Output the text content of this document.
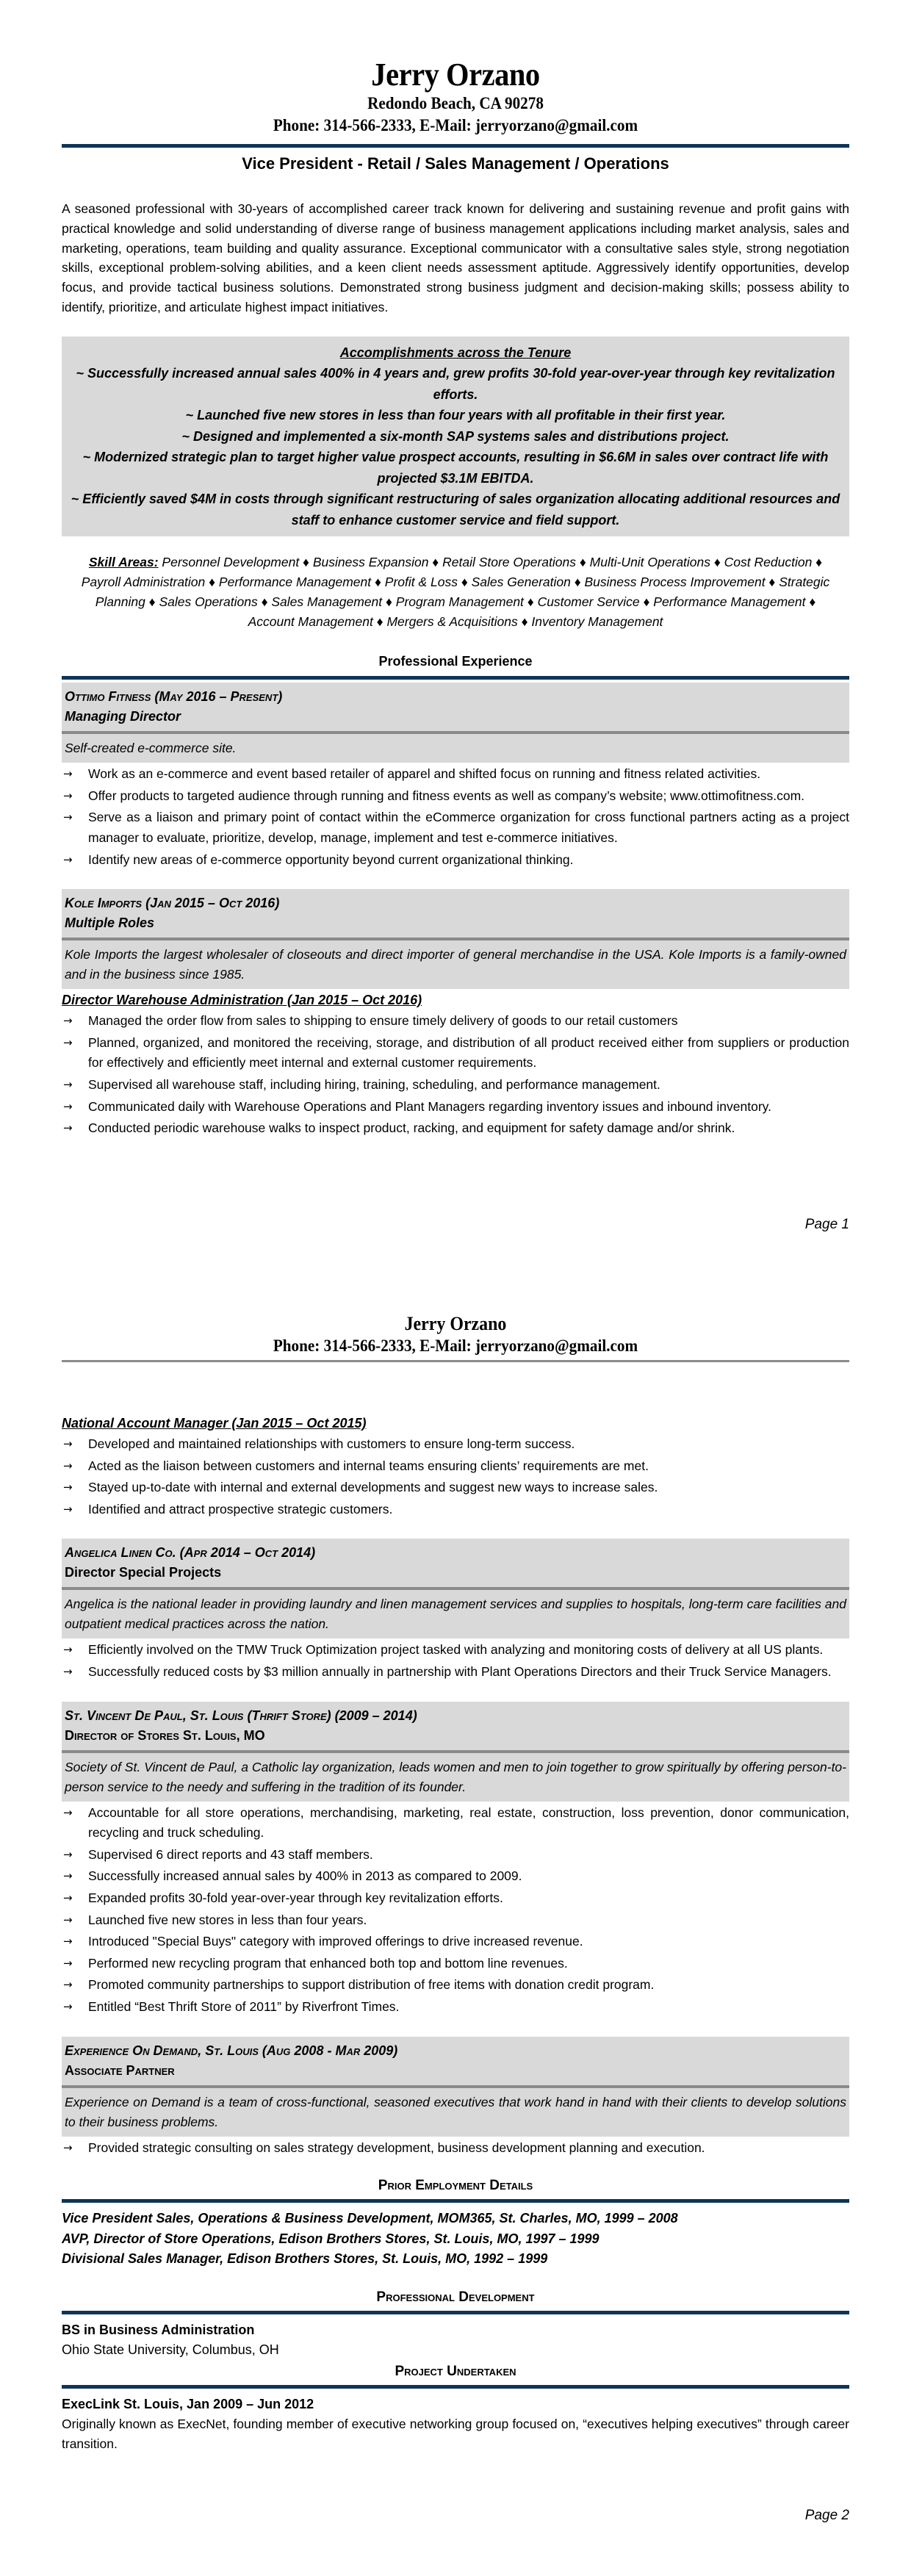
Jerry Orzano
Redondo Beach, CA 90278
Phone: 314-566-2333, E-Mail: jerryorzano@gmail.com
Vice President - Retail / Sales Management / Operations
A seasoned professional with 30-years of accomplished career track known for delivering and sustaining revenue and profit gains with practical knowledge and solid understanding of diverse range of business management applications including market analysis, sales and marketing, operations, team building and quality assurance. Exceptional communicator with a consultative sales style, strong negotiation skills, exceptional problem-solving abilities, and a keen client needs assessment aptitude. Aggressively identify opportunities, develop focus, and provide tactical business solutions. Demonstrated strong business judgment and decision-making skills; possess ability to identify, prioritize, and articulate highest impact initiatives.
Accomplishments across the Tenure
~ Successfully increased annual sales 400% in 4 years and, grew profits 30-fold year-over-year through key revitalization efforts.
~ Launched five new stores in less than four years with all profitable in their first year.
~ Designed and implemented a six-month SAP systems sales and distributions project.
~ Modernized strategic plan to target higher value prospect accounts, resulting in $6.6M in sales over contract life with projected $3.1M EBITDA.
~ Efficiently saved $4M in costs through significant restructuring of sales organization allocating additional resources and staff to enhance customer service and field support.
Skill Areas: Personnel Development ♦ Business Expansion ♦ Retail Store Operations ♦ Multi-Unit Operations ♦ Cost Reduction ♦ Payroll Administration ♦ Performance Management ♦ Profit & Loss ♦ Sales Generation ♦ Business Process Improvement ♦ Strategic Planning ♦ Sales Operations ♦ Sales Management ♦ Program Management ♦ Customer Service ♦ Performance Management ♦ Account Management ♦ Mergers & Acquisitions ♦ Inventory Management
Professional Experience
Ottimo Fitness (May 2016 – Present)
Managing Director
Self-created e-commerce site.
→ Work as an e-commerce and event based retailer of apparel and shifted focus on running and fitness related activities.
→ Offer products to targeted audience through running and fitness events as well as company’s website; www.ottimofitness.com.
→ Serve as a liaison and primary point of contact within the eCommerce organization for cross functional partners acting as a project manager to evaluate, prioritize, develop, manage, implement and test e-commerce initiatives.
→ Identify new areas of e-commerce opportunity beyond current organizational thinking.
Kole Imports (Jan 2015 – Oct 2016)
Multiple Roles
Kole Imports the largest wholesaler of closeouts and direct importer of general merchandise in the USA. Kole Imports is a family-owned and in the business since 1985.
Director Warehouse Administration (Jan 2015 – Oct 2016)
→ Managed the order flow from sales to shipping to ensure timely delivery of goods to our retail customers
→ Planned, organized, and monitored the receiving, storage, and distribution of all product received either from suppliers or production for effectively and efficiently meet internal and external customer requirements.
→ Supervised all warehouse staff, including hiring, training, scheduling, and performance management.
→ Communicated daily with Warehouse Operations and Plant Managers regarding inventory issues and inbound inventory.
→ Conducted periodic warehouse walks to inspect product, racking, and equipment for safety damage and/or shrink.
Page 1
Jerry Orzano
Phone: 314-566-2333, E-Mail: jerryorzano@gmail.com
National Account Manager (Jan 2015 – Oct 2015)
→ Developed and maintained relationships with customers to ensure long-term success.
→ Acted as the liaison between customers and internal teams ensuring clients’ requirements are met.
→ Stayed up-to-date with internal and external developments and suggest new ways to increase sales.
→ Identified and attract prospective strategic customers.
Angelica Linen Co. (Apr 2014 – Oct 2014)
Director Special Projects
Angelica is the national leader in providing laundry and linen management services and supplies to hospitals, long-term care facilities and outpatient medical practices across the nation.
→ Efficiently involved on the TMW Truck Optimization project tasked with analyzing and monitoring costs of delivery at all US plants.
→ Successfully reduced costs by $3 million annually in partnership with Plant Operations Directors and their Truck Service Managers.
St. Vincent De Paul, St. Louis (Thrift Store) (2009 – 2014)
Director of Stores St. Louis, MO
Society of St. Vincent de Paul, a Catholic lay organization, leads women and men to join together to grow spiritually by offering person-to-person service to the needy and suffering in the tradition of its founder.
→ Accountable for all store operations, merchandising, marketing, real estate, construction, loss prevention, donor communication, recycling and truck scheduling.
→ Supervised 6 direct reports and 43 staff members.
→ Successfully increased annual sales by 400% in 2013 as compared to 2009.
→ Expanded profits 30-fold year-over-year through key revitalization efforts.
→ Launched five new stores in less than four years.
→ Introduced "Special Buys" category with improved offerings to drive increased revenue.
→ Performed new recycling program that enhanced both top and bottom line revenues.
→ Promoted community partnerships to support distribution of free items with donation credit program.
→ Entitled “Best Thrift Store of 2011” by Riverfront Times.
Experience On Demand, St. Louis (Aug 2008 - Mar 2009)
Associate Partner
Experience on Demand is a team of cross-functional, seasoned executives that work hand in hand with their clients to develop solutions to their business problems.
→ Provided strategic consulting on sales strategy development, business development planning and execution.
Prior Employment Details
Vice President Sales, Operations & Business Development, MOM365, St. Charles, MO, 1999 – 2008
AVP, Director of Store Operations, Edison Brothers Stores, St. Louis, MO, 1997 – 1999
Divisional Sales Manager, Edison Brothers Stores, St. Louis, MO, 1992 – 1999
Professional Development
BS in Business Administration
Ohio State University, Columbus, OH
Project Undertaken
ExecLink St. Louis, Jan 2009 – Jun 2012
Originally known as ExecNet, founding member of executive networking group focused on, “executives helping executives” through career transition.
Page 2
